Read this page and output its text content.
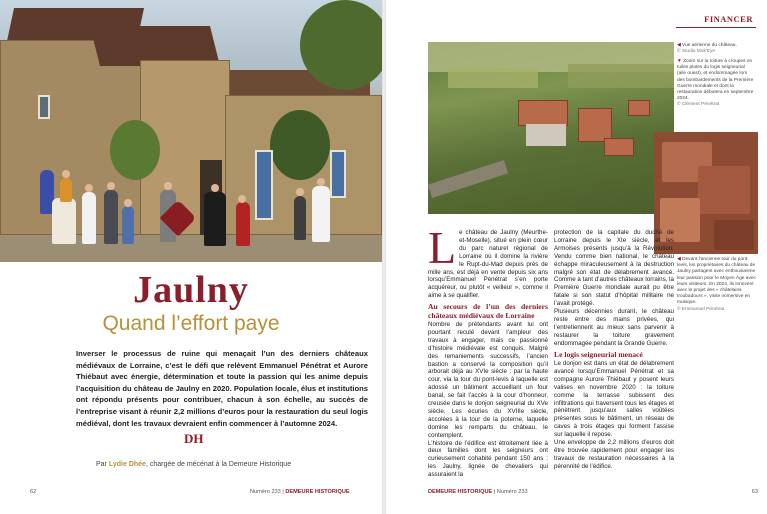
Jaulny
Quand l’effort paye
Inverser le processus de ruine qui menaçait l’un des derniers châteaux médiévaux de Lorraine, c’est le défi que relèvent Emmanuel Pénétrat et Aurore Thiébaut avec énergie, détermination et toute la passion qui les anime depuis l’acquisition du château de Jaulny en 2020. Population locale, élus et institutions ont répondu présents pour contribuer, chacun à son échelle, au succès de l’entreprise visant à réunir 2,2 millions d’euros pour la restauration du seul logis médiéval, dont les travaux devraient enfin commencer à l’automne 2024.
DH
Par Lydie Dhée, chargée de mécénat à la Demeure Historique
62	Numéro 233 | DEMEURE HISTORIQUE
FINANCER
◀ Vue aérienne du château.
© Studio Mok'Eye
▼ Zoom sur la toiture à croupes en tuiles plates du logis seigneurial (aile ouest), et endommagée lors des bombardements de la Première Guerre mondiale et dont la restauration débutera en septembre 2024.
© Clément Pénétrat
◀ Devant l’ancienne tour du pont-levis, les propriétaires du château de Jaulny partagent avec enthousiasme leur passion pour le Moyen Âge avec leurs visiteurs. En 2024, ils innovent avec le projet des « châtelains troubadours », visite immersive en musique.
© Emmanuel Pénétrat
L e château de Jaulny (Meurthe-et-Moselle), situé en plein cœur du parc naturel régional de Lorraine où il domine la rivière le Rupt-du-Mad depuis près de mille ans, est déjà en vente depuis six ans lorsqu’Emmanuel Pénétrat s’en porte acquéreur, ou plutôt « veilleur », comme il aime à se qualifier.
Au secours de l’un des derniers châteaux médiévaux de Lorraine
Nombre de prétendants avant lui ont pourtant reculé devant l’ampleur des travaux à engager, mais ce passionné d’histoire médiévale est conquis. Malgré des remaniements successifs, l’ancien bastion a conservé la composition qu’il arborait déjà au XVIe siècle : par la haute cour, via la tour du pont-levis à laquelle est adossé un bâtiment accueillant un four banal, se fait l’accès à la cour d’honneur, creusée dans le donjon seigneurial du XVe siècle. Les écuries du XVIIIe siècle, accolées à la tour de la poterne, laquelle domine les remparts du château, le contemplent.
L’histoire de l’édifice est étroitement liée à deux familles dont les seigneurs ont curieusement cohabité pendant 150 ans : les Jaulny, lignée de chevaliers qui assuraient la
protection de la capitale du duché de Lorraine depuis le XIe siècle, et les Armoises présents jusqu’à la Révolution. Vendu comme bien national, le château échappe miraculeusement à la destruction malgré son état de délabrement avancé. Comme à tant d’autres châteaux lorrains, la Première Guerre mondiale aurait pu être fatale si son statut d’hôpital militaire ne l’avait protégé.
Plusieurs décennies durant, le château reste entre des mains privées, qui l’entretiennent au mieux sans parvenir à restaurer la toiture gravement endommagée pendant la Grande Guerre.
Le logis seigneurial menacé
Le donjon est dans un état de délabrement avancé lorsqu’Emmanuel Pénétrat et sa compagne Aurore Thiébaut y posent leurs valises en novembre 2020 : la toiture comme la terrasse subissent des infiltrations qui traversent tous les étages et pénètrent jusqu’aux salles voûtées présentes sous le bâtiment, un réseau de caves à trois étages qui forment l’assise sur laquelle il repose.
Une enveloppe de 2,2 millions d’euros doit être trouvée rapidement pour engager les travaux de restauration nécessaires à la pérennité de l’édifice.
DEMEURE HISTORIQUE | Numéro 233	63
